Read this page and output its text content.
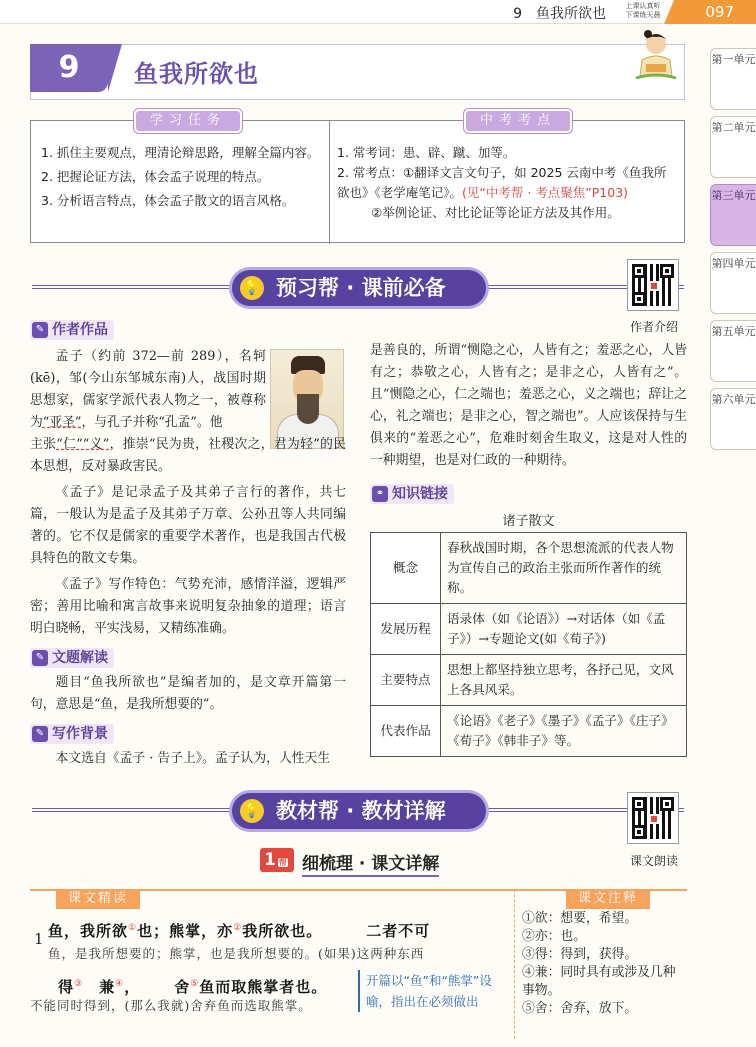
9　鱼我所欲也	上课认真听
下课练天晨	097
第一单元
第二单元
第三单元
第四单元
第五单元
第六单元
9	鱼我所欲也
1. 抓住主要观点，理清论辩思路，理解全篇内容。
2. 把握论证方法，体会孟子说理的特点。
3. 分析语言特点，体会孟子散文的语言风格。
1. 常考词：患、辟、蹴、加等。
2. 常考点：①翻译文言文句子，如 2025 云南中考《鱼我所欲也》《老学庵笔记》。(见“中考帮 · 考点聚焦”P103)
②举例论证、对比论证等论证方法及其作用。
学习任务	中考考点
💡 预习帮 · 课前必备
作者介绍
✎ 作者作品
孟子（约前 372—前 289），名轲(kē)，邹(今山东邹城东南)人，战国时期思想家，儒家学派代表人物之一，被尊称为“亚圣”，与孔子并称“孔孟”。他
主张“仁”“义”，推崇“民为贵，社稷次之，君为轻”的民本思想，反对暴政害民。
《孟子》是记录孟子及其弟子言行的著作，共七篇，一般认为是孟子及其弟子万章、公孙丑等人共同编著的。它不仅是儒家的重要学术著作，也是我国古代极具特色的散文专集。
《孟子》写作特色：气势充沛，感情洋溢，逻辑严密；善用比喻和寓言故事来说明复杂抽象的道理；语言明白晓畅，平实浅易，又精练准确。
✎ 文题解读
题目“鱼我所欲也”是编者加的，是文章开篇第一句，意思是“鱼，是我所想要的”。
✎ 写作背景
本文选自《孟子 · 告子上》。孟子认为，人性天生
是善良的，所谓“恻隐之心，人皆有之；羞恶之心，人皆有之；恭敬之心，人皆有之；是非之心，人皆有之”。且“恻隐之心，仁之端也；羞恶之心，义之端也；辞让之心，礼之端也；是非之心，智之端也”。人应该保持与生俱来的“羞恶之心”，危难时刻舍生取义，这是对人性的一种期望，也是对仁政的一种期待。
⚭ 知识链接
诸子散文
概念	春秋战国时期，各个思想流派的代表人物为宣传自己的政治主张而所作著作的统称。
发展历程	语录体（如《论语》）→对话体（如《孟子》）→专题论文(如《荀子》)
主要特点	思想上都坚持独立思考，各抒己见，文风上各具风采。
代表作品	《论语》《老子》《墨子》《孟子》《庄子》《荀子》《韩非子》等。
💡 教材帮 · 教材详解
课文朗读
1 帮 细梳理 · 课文详解
课文精读	课文注释
1 鱼，我所欲①也；熊掌，亦②我所欲也。	二者不可
鱼，是我所想要的；熊掌，也是我所想要的。(如果)这两种东西
得③ 兼④， 舍⑤鱼而取熊掌者也。
不能同时得到，(那么我就)舍弃鱼而选取熊掌。
开篇以“鱼”和“熊掌”设喻，指出在必须做出
①欲：想要，希望。
②亦：也。
③得：得到，获得。
④兼：同时具有或涉及几种事物。
⑤舍：舍弃，放下。
